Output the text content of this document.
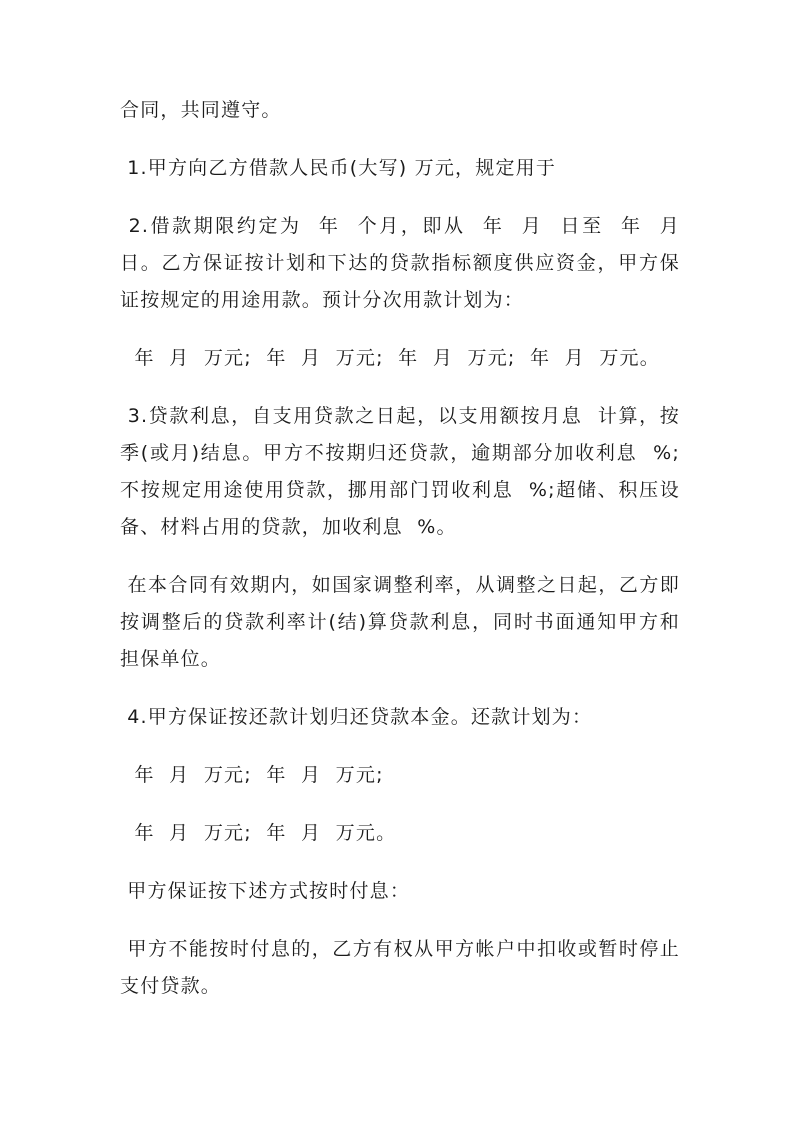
合同，共同遵守。

1.甲方向乙方借款人民币(大写) 万元，规定用于

2.借款期限约定为  年  个月，即从  年  月  日至  年  月  日。乙方保证按计划和下达的贷款指标额度供应资金，甲方保证按规定的用途用款。预计分次用款计划为：

年  月  万元;  年  月  万元;  年  月  万元;  年  月  万元。

3.贷款利息，自支用贷款之日起，以支用额按月息  计算，按季(或月)结息。甲方不按期归还贷款，逾期部分加收利息  %;不按规定用途使用贷款，挪用部门罚收利息  %;超储、积压设备、材料占用的贷款，加收利息  %。

在本合同有效期内，如国家调整利率，从调整之日起，乙方即按调整后的贷款利率计(结)算贷款利息，同时书面通知甲方和担保单位。

4.甲方保证按还款计划归还贷款本金。还款计划为：

年  月  万元;  年  月  万元;

年  月  万元;  年  月  万元。

甲方保证按下述方式按时付息：

甲方不能按时付息的，乙方有权从甲方帐户中扣收或暂时停止支付贷款。
